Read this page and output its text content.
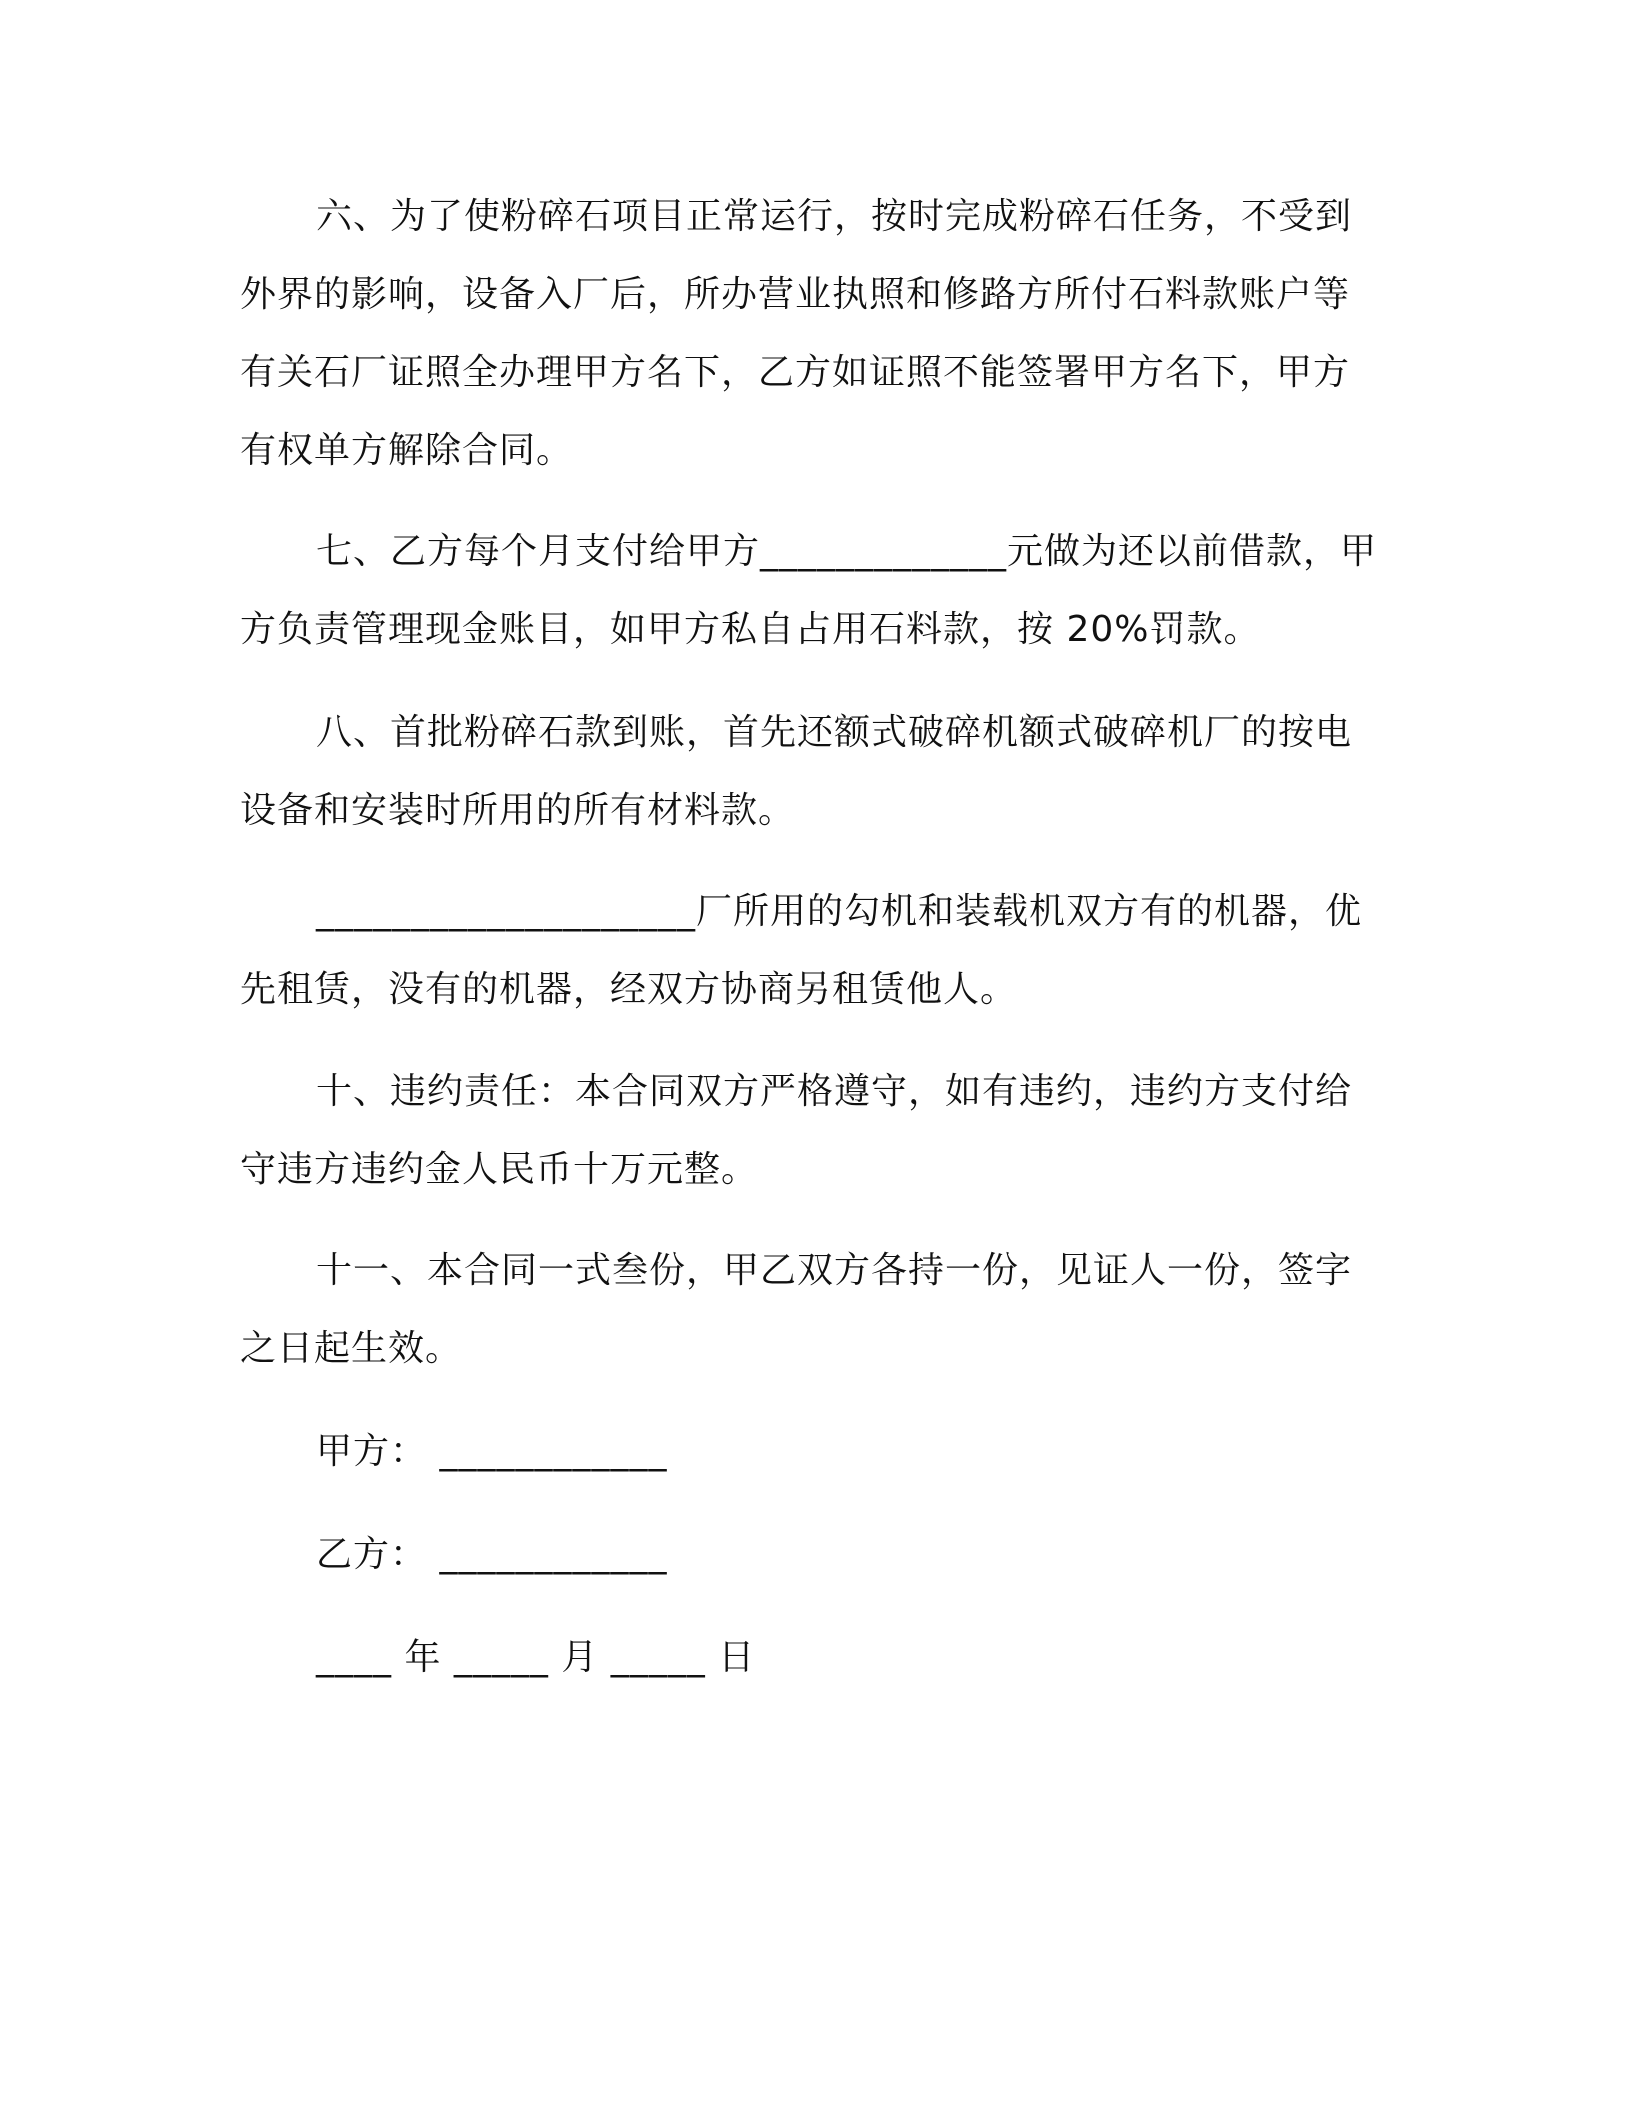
六、为了使粉碎石项目正常运行，按时完成粉碎石任务，不受到
外界的影响，设备入厂后，所办营业执照和修路方所付石料款账户等
有关石厂证照全办理甲方名下，乙方如证照不能签署甲方名下，甲方
有权单方解除合同。
七、乙方每个月支付给甲方_____________元做为还以前借款，甲
方负责管理现金账目，如甲方私自占用石料款，按 20%罚款。
八、首批粉碎石款到账，首先还额式破碎机额式破碎机厂的按电
设备和安装时所用的所有材料款。
____________________厂所用的勾机和装载机双方有的机器，优
先租赁，没有的机器，经双方协商另租赁他人。
十、违约责任：本合同双方严格遵守，如有违约，违约方支付给
守违方违约金人民币十万元整。
十一、本合同一式叁份，甲乙双方各持一份，见证人一份，签字
之日起生效。
甲方： ____________
乙方： ____________
____ 年 _____ 月 _____ 日
